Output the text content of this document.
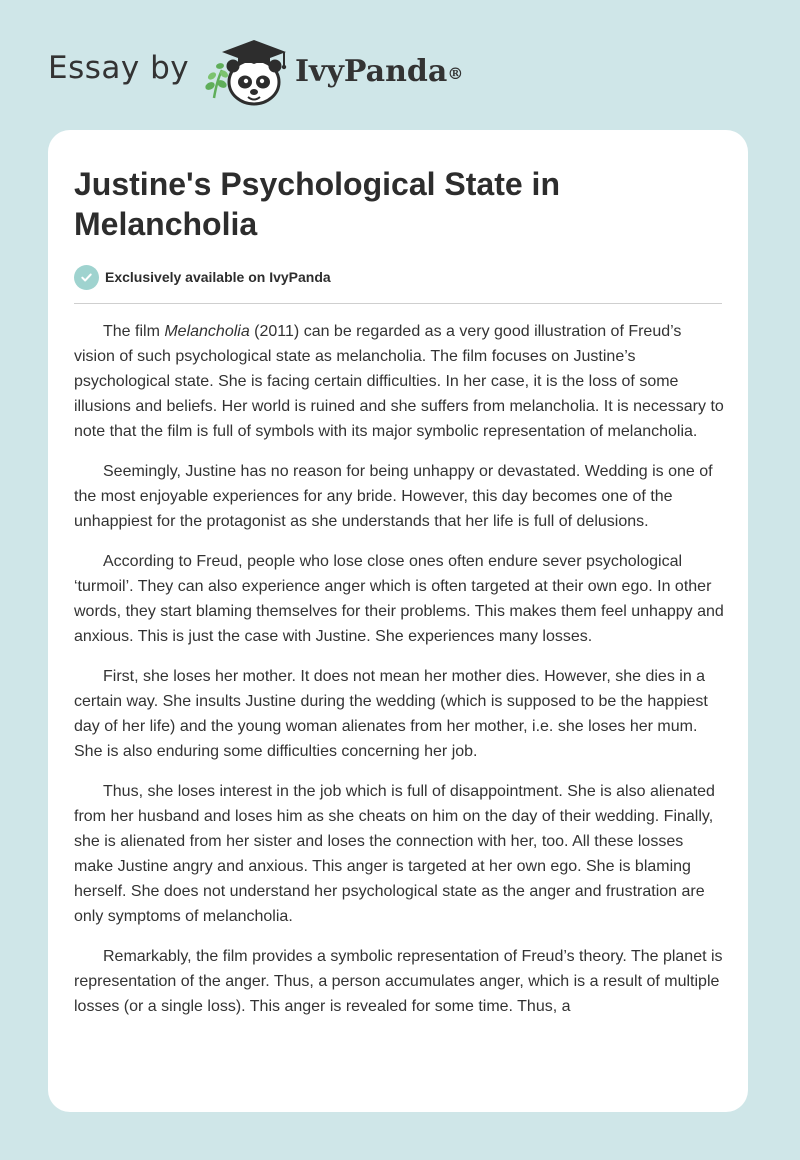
Essay by	IvyPanda®
Justine's Psychological State in Melancholia
Exclusively available on IvyPanda

The film Melancholia (2011) can be regarded as a very good illustration of Freud’s vision of such psychological state as melancholia. The film focuses on Justine’s psychological state. She is facing certain difficulties. In her case, it is the loss of some illusions and beliefs. Her world is ruined and she suffers from melancholia. It is necessary to note that the film is full of symbols with its major symbolic representation of melancholia.

Seemingly, Justine has no reason for being unhappy or devastated. Wedding is one of the most enjoyable experiences for any bride. However, this day becomes one of the unhappiest for the protagonist as she understands that her life is full of delusions.

According to Freud, people who lose close ones often endure sever psychological ‘turmoil’. They can also experience anger which is often targeted at their own ego. In other words, they start blaming themselves for their problems. This makes them feel unhappy and anxious. This is just the case with Justine. She experiences many losses.

First, she loses her mother. It does not mean her mother dies. However, she dies in a certain way. She insults Justine during the wedding (which is supposed to be the happiest day of her life) and the young woman alienates from her mother, i.e. she loses her mum. She is also enduring some difficulties concerning her job.

Thus, she loses interest in the job which is full of disappointment. She is also alienated from her husband and loses him as she cheats on him on the day of their wedding. Finally, she is alienated from her sister and loses the connection with her, too. All these losses make Justine angry and anxious. This anger is targeted at her own ego. She is blaming herself. She does not understand her psychological state as the anger and frustration are only symptoms of melancholia.

Remarkably, the film provides a symbolic representation of Freud’s theory. The planet is representation of the anger. Thus, a person accumulates anger, which is a result of multiple losses (or a single loss). This anger is revealed for some time. Thus, a
